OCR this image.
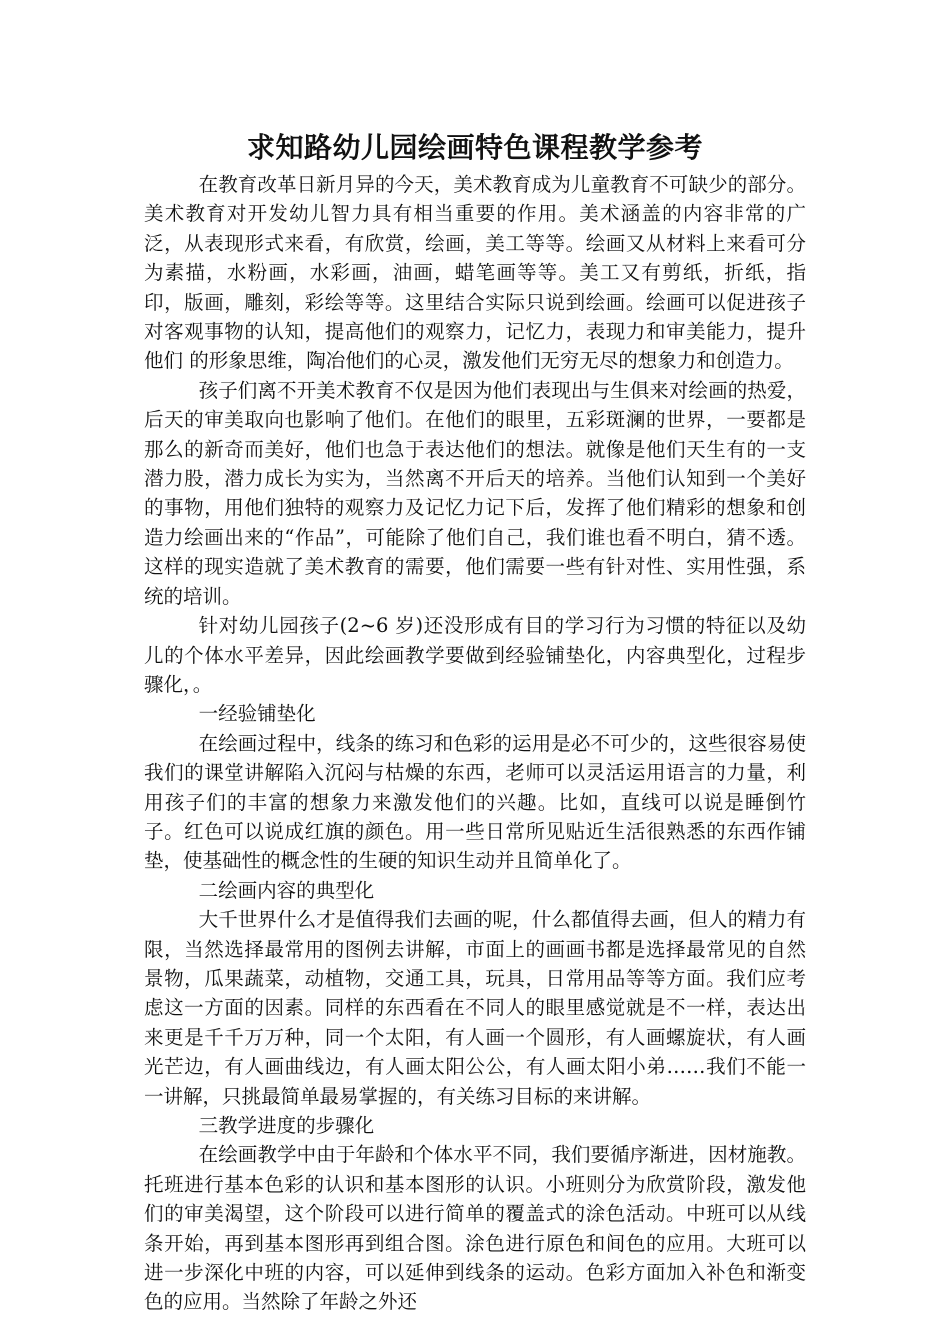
求知路幼儿园绘画特色课程教学参考

在教育改革日新月异的今天，美术教育成为儿童教育不可缺少的部分。美术教育对开发幼儿智力具有相当重要的作用。美术涵盖的内容非常的广泛，从表现形式来看，有欣赏，绘画，美工等等。绘画又从材料上来看可分为素描，水粉画，水彩画，油画，蜡笔画等等。美工又有剪纸，折纸，指印，版画，雕刻，彩绘等等。这里结合实际只说到绘画。绘画可以促进孩子对客观事物的认知，提高他们的观察力，记忆力，表现力和审美能力，提升他们 的形象思维，陶冶他们的心灵，激发他们无穷无尽的想象力和创造力。

孩子们离不开美术教育不仅是因为他们表现出与生俱来对绘画的热爱，后天的审美取向也影响了他们。在他们的眼里，五彩斑澜的世界，一要都是那么的新奇而美好，他们也急于表达他们的想法。就像是他们天生有的一支潜力股，潜力成长为实为，当然离不开后天的培养。当他们认知到一个美好的事物，用他们独特的观察力及记忆力记下后，发挥了他们精彩的想象和创造力绘画出来的“作品”，可能除了他们自己，我们谁也看不明白，猜不透。这样的现实造就了美术教育的需要，他们需要一些有针对性、实用性强，系统的培训。

针对幼儿园孩子(2~6 岁)还没形成有目的学习行为习惯的特征以及幼儿的个体水平差异，因此绘画教学要做到经验铺垫化，内容典型化，过程步骤化，。

一经验铺垫化

在绘画过程中，线条的练习和色彩的运用是必不可少的，这些很容易使我们的课堂讲解陷入沉闷与枯燥的东西，老师可以灵活运用语言的力量，利用孩子们的丰富的想象力来激发他们的兴趣。比如，直线可以说是睡倒竹子。红色可以说成红旗的颜色。用一些日常所见贴近生活很熟悉的东西作铺垫，使基础性的概念性的生硬的知识生动并且简单化了。

二绘画内容的典型化

大千世界什么才是值得我们去画的呢，什么都值得去画，但人的精力有限，当然选择最常用的图例去讲解，市面上的画画书都是选择最常见的自然景物，瓜果蔬菜，动植物，交通工具，玩具，日常用品等等方面。我们应考虑这一方面的因素。同样的东西看在不同人的眼里感觉就是不一样，表达出来更是千千万万种，同一个太阳，有人画一个圆形，有人画螺旋状，有人画光芒边，有人画曲线边，有人画太阳公公，有人画太阳小弟……我们不能一一讲解，只挑最简单最易掌握的，有关练习目标的来讲解。

三教学进度的步骤化

在绘画教学中由于年龄和个体水平不同，我们要循序渐进，因材施教。托班进行基本色彩的认识和基本图形的认识。小班则分为欣赏阶段，激发他们的审美渴望，这个阶段可以进行简单的覆盖式的涂色活动。中班可以从线条开始，再到基本图形再到组合图。涂色进行原色和间色的应用。大班可以进一步深化中班的内容，可以延伸到线条的运动。色彩方面加入补色和渐变色的应用。当然除了年龄之外还
